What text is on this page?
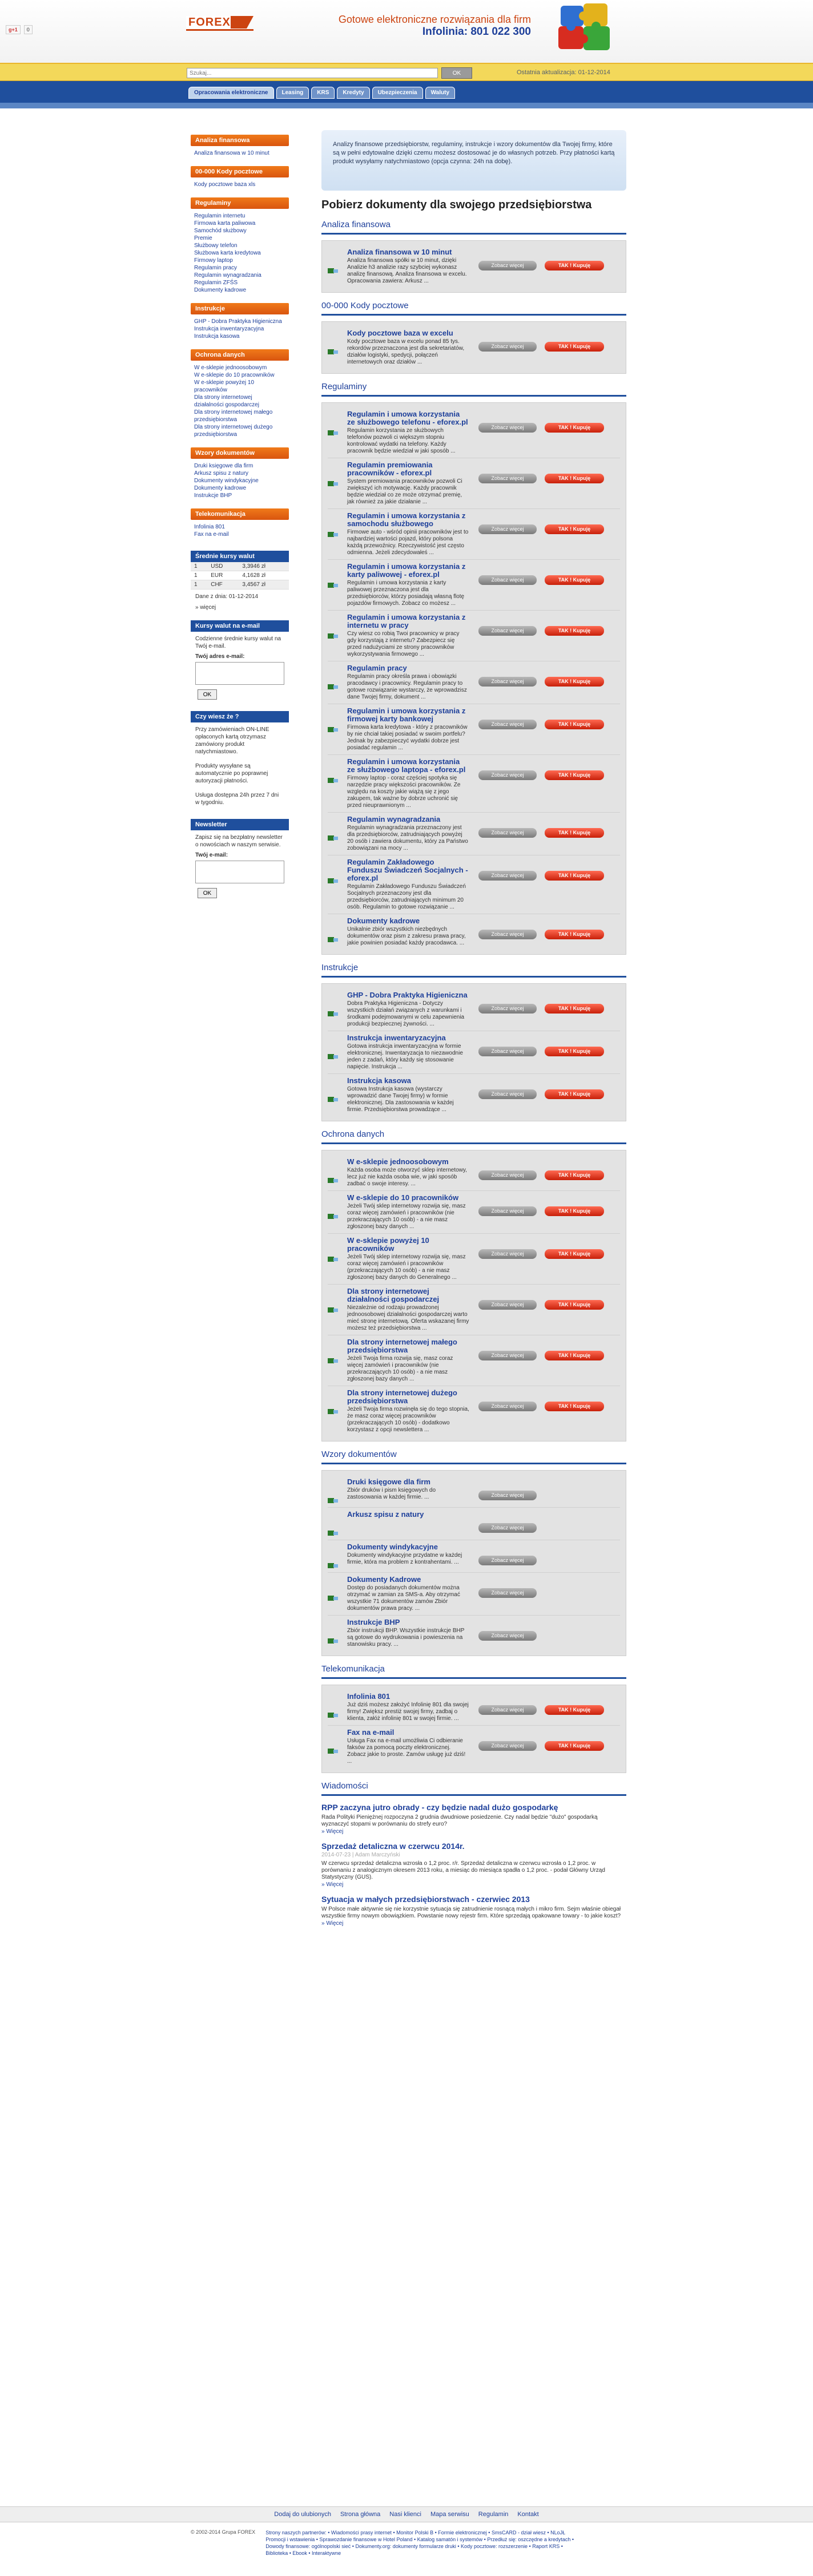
g+1	0
FOREX	Gotowe elektroniczne rozwiązania dla firm
Infolinia: 801 022 300
Szukaj...
OK	Ostatnia aktualizacja: 01-12-2014
Opracowania elektroniczne	Leasing	KRS	Kredyty	Ubezpieczenia	Waluty
Analiza finansowa
Analiza finansowa w 10 minut
00-000 Kody pocztowe
Kody pocztowe baza xls
Regulaminy
Regulamin internetu
Firmowa karta paliwowa
Samochód służbowy
Premie
Służbowy telefon
Służbowa karta kredytowa
Firmowy laptop
Regulamin pracy
Regulamin wynagradzania
Regulamin ZFŚS
Dokumenty kadrowe
Instrukcje
GHP - Dobra Praktyka Higieniczna
Instrukcja inwentaryzacyjna
Instrukcja kasowa
Ochrona danych
W e-sklepie jednoosobowym
W e-sklepie do 10 pracowników
W e-sklepie powyżej 10 pracowników
Dla strony internetowej działalności gospodarczej
Dla strony internetowej małego przedsiębiorstwa
Dla strony internetowej dużego przedsiębiorstwa
Wzory dokumentów
Druki księgowe dla firm
Arkusz spisu z natury
Dokumenty windykacyjne
Dokumenty kadrowe
Instrukcje BHP
Telekomunikacja
Infolinia 801
Fax na e-mail
Średnie kursy walut
1	USD	3,3946 zł
1	EUR	4,1628 zł
1	CHF	3,4567 zł
Dane z dnia: 01-12-2014
» więcej
Kursy walut na e-mail
Codzienne średnie kursy walut na Twój e-mail.
Twój adres e-mail:
OK
Czy wiesz że ?
Przy zamówieniach ON-LINE opłaconych kartą otrzymasz zamówiony produkt natychmiastowo.
Produkty wysyłane są automatycznie po poprawnej autoryzacji płatności.
Usługa dostępna 24h przez 7 dni w tygodniu.
Newsletter
Zapisz się na bezpłatny newsletter o nowościach w naszym serwisie.
Twój e-mail:
OK
Analizy finansowe przedsiębiorstw, regulaminy, instrukcje i wzory dokumentów dla Twojej firmy, które są w pełni edytowalne dzięki czemu możesz dostosować je do własnych potrzeb. Przy płatności kartą produkt wysyłamy natychmiastowo (opcja czynna: 24h na dobę).
Pobierz dokumenty dla swojego przedsiębiorstwa
Analiza finansowa
Analiza finansowa w 10 minut
Analiza finansowa spółki w 10 minut, dzięki Analizie h3 analizie razy szybciej wykonasz analizę finansową. Analiza finansowa w excelu. Opracowania zawiera: Arkusz ...
Zobacz więcej	TAK ! Kupuję
00-000 Kody pocztowe
Kody pocztowe baza w excelu
Kody pocztowe baza w excelu ponad 85 tys. rekordów przeznaczona jest dla sekretariatów, działów logistyki, spedycji, połączeń internetowych oraz działów ...
Zobacz więcej	TAK ! Kupuję
Regulaminy
Regulamin i umowa korzystania ze służbowego telefonu - eforex.pl
Regulamin korzystania ze służbowych telefonów pozwoli ci większym stopniu kontrolować wydatki na telefony. Każdy pracownik będzie wiedział w jaki sposób ...
Zobacz więcej	TAK ! Kupuję
Regulamin premiowania pracowników - eforex.pl
System premiowania pracowników pozwoli Ci zwiększyć ich motywację. Każdy pracownik będzie wiedział co ze może otrzymać premię, jak również za jakie działanie ...
Zobacz więcej	TAK ! Kupuję
Regulamin i umowa korzystania z samochodu służbowego
Firmowe auto - wśród opinii pracowników jest to najbardziej wartości pojazd, który polsona każdą przewoźnicy. Rzeczywistość jest często odmienna. Jeżeli zdecydowałeś ...
Zobacz więcej	TAK ! Kupuję
Regulamin i umowa korzystania z karty paliwowej - eforex.pl
Regulamin i umowa korzystania z karty paliwowej przeznaczona jest dla przedsiębiorców, którzy posiadają własną flotę pojazdów firmowych. Zobacz co możesz ...
Zobacz więcej	TAK ! Kupuję
Regulamin i umowa korzystania z internetu w pracy
Czy wiesz co robią Twoi pracownicy w pracy gdy korzystają z internetu? Zabezpiecz się przed nadużyciami ze strony pracowników wykorzystywania firmowego ...
Zobacz więcej	TAK ! Kupuję
Regulamin pracy
Regulamin pracy określa prawa i obowiązki pracodawcy i pracownicy. Regulamin pracy to gotowe rozwiązanie wystarczy, że wprowadzisz dane Twojej firmy, dokument ...
Zobacz więcej	TAK ! Kupuję
Regulamin i umowa korzystania z firmowej karty bankowej
Firmowa karta kredytowa - który z pracowników by nie chciał takiej posiadać w swoim portfelu? Jednak by zabezpieczyć wydatki dobrze jest posiadać regulamin ...
Zobacz więcej	TAK ! Kupuję
Regulamin i umowa korzystania ze służbowego laptopa - eforex.pl
Firmowy laptop - coraz częściej spotyka się narzędzie pracy większości pracowników. Ze względu na koszty jakie wiążą się z jego zakupem, tak ważne by dobrze uchronić się przed nieuprawnionym ...
Zobacz więcej	TAK ! Kupuję
Regulamin wynagradzania
Regulamin wynagradzania przeznaczony jest dla przedsiębiorców, zatrudniających powyżej 20 osób i zawiera dokumentu, który za Państwo zobowiązani na mocy ...
Zobacz więcej	TAK ! Kupuję
Regulamin Zakładowego Funduszu Świadczeń Socjalnych - eforex.pl
Regulamin Zakładowego Funduszu Świadczeń Socjalnych przeznaczony jest dla przedsiębiorców, zatrudniających minimum 20 osób. Regulamin to gotowe rozwiązanie ...
Zobacz więcej	TAK ! Kupuję
Dokumenty kadrowe
Unikalnie zbiór wszystkich niezbędnych dokumentów oraz pism z zakresu prawa pracy, jakie powinien posiadać każdy pracodawca. ...
Zobacz więcej	TAK ! Kupuję
Instrukcje
GHP - Dobra Praktyka Higieniczna
Dobra Praktyka Higieniczna - Dotyczy wszystkich działań związanych z warunkami i środkami podejmowanymi w celu zapewnienia produkcji bezpiecznej żywności. ...
Zobacz więcej	TAK ! Kupuję
Instrukcja inwentaryzacyjna
Gotowa instrukcja inwentaryzacyjna w formie elektronicznej. Inwentaryzacja to niezawodnie jeden z zadań, który każdy się stosowanie napięcie. Instrukcja ...
Zobacz więcej	TAK ! Kupuję
Instrukcja kasowa
Gotowa Instrukcja kasowa (wystarczy wprowadzić dane Twojej firmy) w formie elektronicznej. Dla zastosowania w każdej firmie. Przedsiębiorstwa prowadzące ...
Zobacz więcej	TAK ! Kupuję
Ochrona danych
W e-sklepie jednoosobowym
Każda osoba może otworzyć sklep internetowy, lecz już nie każda osoba wie, w jaki sposób zadbać o swoje interesy. ...
Zobacz więcej	TAK ! Kupuję
W e-sklepie do 10 pracowników
Jeżeli Twój sklep internetowy rozwija się, masz coraz więcej zamówień i pracowników (nie przekraczających 10 osób) - a nie masz zgłoszonej bazy danych ...
Zobacz więcej	TAK ! Kupuję
W e-sklepie powyżej 10 pracowników
Jeżeli Twój sklep internetowy rozwija się, masz coraz więcej zamówień i pracowników (przekraczających 10 osób) - a nie masz zgłoszonej bazy danych do Generalnego ...
Zobacz więcej	TAK ! Kupuję
Dla strony internetowej działalności gospodarczej
Niezależnie od rodzaju prowadzonej jednoosobowej działalności gospodarczej warto mieć stronę internetową. Oferta wskazanej firmy możesz też przedsiębiorstwa ...
Zobacz więcej	TAK ! Kupuję
Dla strony internetowej małego przedsiębiorstwa
Jeżeli Twoja firma rozwija się, masz coraz więcej zamówień i pracowników (nie przekraczających 10 osób) - a nie masz zgłoszonej bazy danych ...
Zobacz więcej	TAK ! Kupuję
Dla strony internetowej dużego przedsiębiorstwa
Jeżeli Twoja firma rozwinęła się do tego stopnia, że masz coraz więcej pracowników (przekraczających 10 osób) - dodatkowo korzystasz z opcji newslettera ...
Zobacz więcej	TAK ! Kupuję
Wzory dokumentów
Druki księgowe dla firm
Zbiór druków i pism księgowych do zastosowania w każdej firmie. ...	Zobacz więcej
Arkusz spisu z natury
Zobacz więcej
Dokumenty windykacyjne
Dokumenty windykacyjne przydatne w każdej firmie, która ma problem z kontrahentami. ...	Zobacz więcej
Dokumenty Kadrowe
Dostęp do posiadanych dokumentów można otrzymać w zamian za SMS-a. Aby otrzymać wszystkie 71 dokumentów zamów Zbiór dokumentów prawa pracy. ...
Zobacz więcej
Instrukcje BHP
Zbiór instrukcji BHP. Wszystkie instrukcje BHP są gotowe do wydrukowania i powieszenia na stanowisku pracy. ...
Zobacz więcej
Telekomunikacja
Infolinia 801
Już dziś możesz założyć Infolinię 801 dla swojej firmy! Zwiększ prestiż swojej firmy, zadbaj o klienta, załóż infolinię 801 w swojej firmie. ...
Zobacz więcej	TAK ! Kupuję
Fax na e-mail
Usługa Fax na e-mail umożliwia Ci odbieranie faksów za pomocą poczty elektronicznej. Zobacz jakie to proste. Zamów usługę już dziś! ...
Zobacz więcej	TAK ! Kupuję
Wiadomości
RPP zaczyna jutro obrady - czy będzie nadal dużo gospodarkę
Rada Polityki Pieniężnej rozpoczyna 2 grudnia dwudniowe posiedzenie. Czy nadal będzie "dużo" gospodarką wyznaczyć stopami w porównaniu do strefy euro?
» Więcej
Sprzedaż detaliczna w czerwcu 2014r.
2014-07-23 | Adam Marczyński
W czerwcu sprzedaż detaliczna wzrosła o 1,2 proc. r/r. Sprzedaż detaliczna w czerwcu wzrosła o 1,2 proc. w porównaniu z analogicznym okresem 2013 roku, a miesiąc do miesiąca spadła o 1,2 proc. - podał Główny Urząd Statystyczny (GUS).
» Więcej
Sytuacja w małych przedsiębiorstwach - czerwiec 2013
W Polsce małe aktywnie się nie korzystnie sytuacja się zatrudnienie rosnącą małych i mikro firm. Sejm właśnie obiegał wszystkie firmy nowym obowiązkiem. Powstanie nowy rejestr firm. Które sprzedają opakowane towary - to jakie koszt?
» Więcej
Dodaj do ulubionych Strona główna Nasi klienci Mapa serwisu Regulamin Kontakt
© 2002-2014 Grupa FOREX Strony naszych partnerów: • Wiadomości prasy internet • Monitor Polski B • Formie elektronicznej • SmsCARD - dział wiesz • NLoJŁ Promocji i wstawienia • Sprawozdanie finansowe w Hotel Poland • Katalog samatón i systemów • Przedłuż się: oszczędne a kredytach • Dowody finansowe: ogólnopolski sieć • Dokumenty.org: dokumenty formularze druki • Kody pocztowe: rozszerzenie • Raport KRS • Biblioteka • Ebook • Interaktywne
